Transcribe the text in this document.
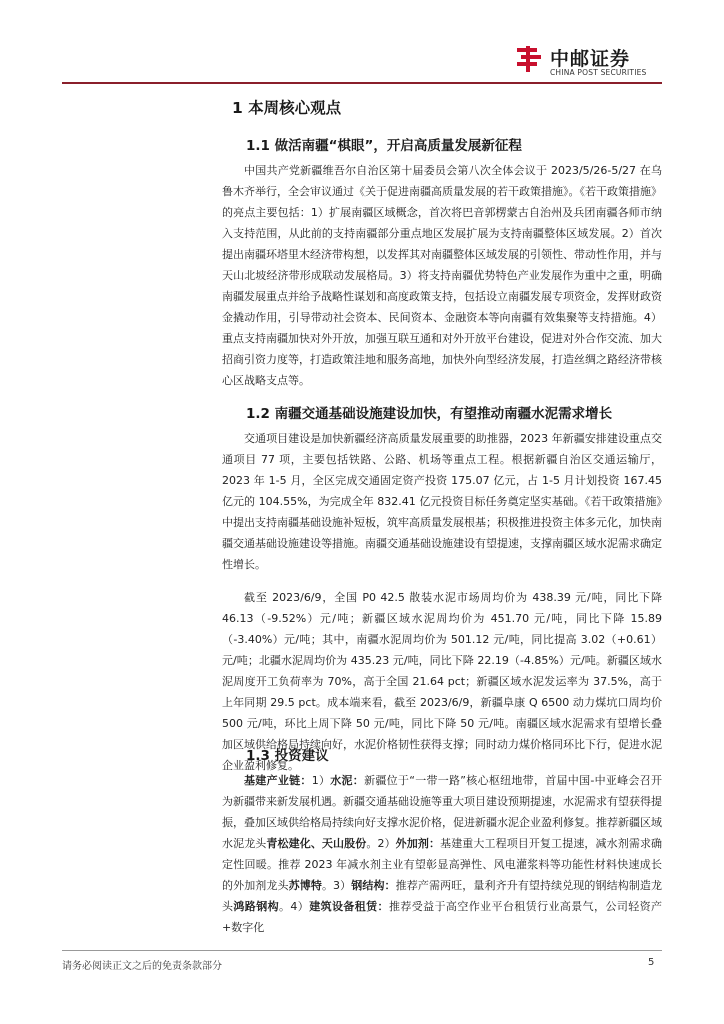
中邮证券
CHINA POST SECURITIES
1 本周核心观点
1.1 做活南疆“棋眼”，开启高质量发展新征程
中国共产党新疆维吾尔自治区第十届委员会第八次全体会议于 2023/5/26-5/27 在乌鲁木齐举行，全会审议通过《关于促进南疆高质量发展的若干政策措施》。《若干政策措施》的亮点主要包括：1）扩展南疆区域概念，首次将巴音郭楞蒙古自治州及兵团南疆各师市纳入支持范围，从此前的支持南疆部分重点地区发展扩展为支持南疆整体区域发展。2）首次提出南疆环塔里木经济带构想，以发挥其对南疆整体区域发展的引领性、带动性作用，并与天山北坡经济带形成联动发展格局。3）将支持南疆优势特色产业发展作为重中之重，明确南疆发展重点并给予战略性谋划和高度政策支持，包括设立南疆发展专项资金，发挥财政资金撬动作用，引导带动社会资本、民间资本、金融资本等向南疆有效集聚等支持措施。4）重点支持南疆加快对外开放，加强互联互通和对外开放平台建设，促进对外合作交流、加大招商引资力度等，打造政策洼地和服务高地，加快外向型经济发展，打造丝绸之路经济带核心区战略支点等。
1.2 南疆交通基础设施建设加快，有望推动南疆水泥需求增长
交通项目建设是加快新疆经济高质量发展重要的助推器，2023 年新疆安排建设重点交通项目 77 项，主要包括铁路、公路、机场等重点工程。根据新疆自治区交通运输厅，2023 年 1-5 月，全区完成交通固定资产投资 175.07 亿元，占 1-5 月计划投资 167.45 亿元的 104.55%，为完成全年 832.41 亿元投资目标任务奠定坚实基础。《若干政策措施》中提出支持南疆基础设施补短板，筑牢高质量发展根基；积极推进投资主体多元化，加快南疆交通基础设施建设等措施。南疆交通基础设施建设有望提速，支撑南疆区域水泥需求确定性增长。
截至 2023/6/9，全国 P0 42.5 散装水泥市场周均价为 438.39 元/吨，同比下降 46.13（-9.52%）元/吨；新疆区域水泥周均价为 451.70 元/吨，同比下降 15.89（-3.40%）元/吨；其中，南疆水泥周均价为 501.12 元/吨，同比提高 3.02（+0.61）元/吨；北疆水泥周均价为 435.23 元/吨，同比下降 22.19（-4.85%）元/吨。新疆区域水泥周度开工负荷率为 70%，高于全国 21.64 pct；新疆区域水泥发运率为 37.5%，高于上年同期 29.5 pct。成本端来看，截至 2023/6/9，新疆阜康 Q 6500 动力煤坑口周均价 500 元/吨，环比上周下降 50 元/吨，同比下降 50 元/吨。南疆区域水泥需求有望增长叠加区域供给格局持续向好，水泥价格韧性获得支撑；同时动力煤价格同环比下行，促进水泥企业盈利修复。
1.3 投资建议
基建产业链：1）水泥：新疆位于“一带一路”核心枢纽地带，首届中国-中亚峰会召开为新疆带来新发展机遇。新疆交通基础设施等重大项目建设预期提速，水泥需求有望获得提振，叠加区域供给格局持续向好支撑水泥价格，促进新疆水泥企业盈利修复。推荐新疆区域水泥龙头青松建化、天山股份。2）外加剂：基建重大工程项目开复工提速，减水剂需求确定性回暖。推荐 2023 年减水剂主业有望彰显高弹性、风电灌浆料等功能性材料快速成长的外加剂龙头苏博特。3）钢结构：推荐产需两旺，量利齐升有望持续兑现的钢结构制造龙头鸿路钢构。4）建筑设备租赁：推荐受益于高空作业平台租赁行业高景气，公司轻资产+数字化
请务必阅读正文之后的免责条款部分	5
